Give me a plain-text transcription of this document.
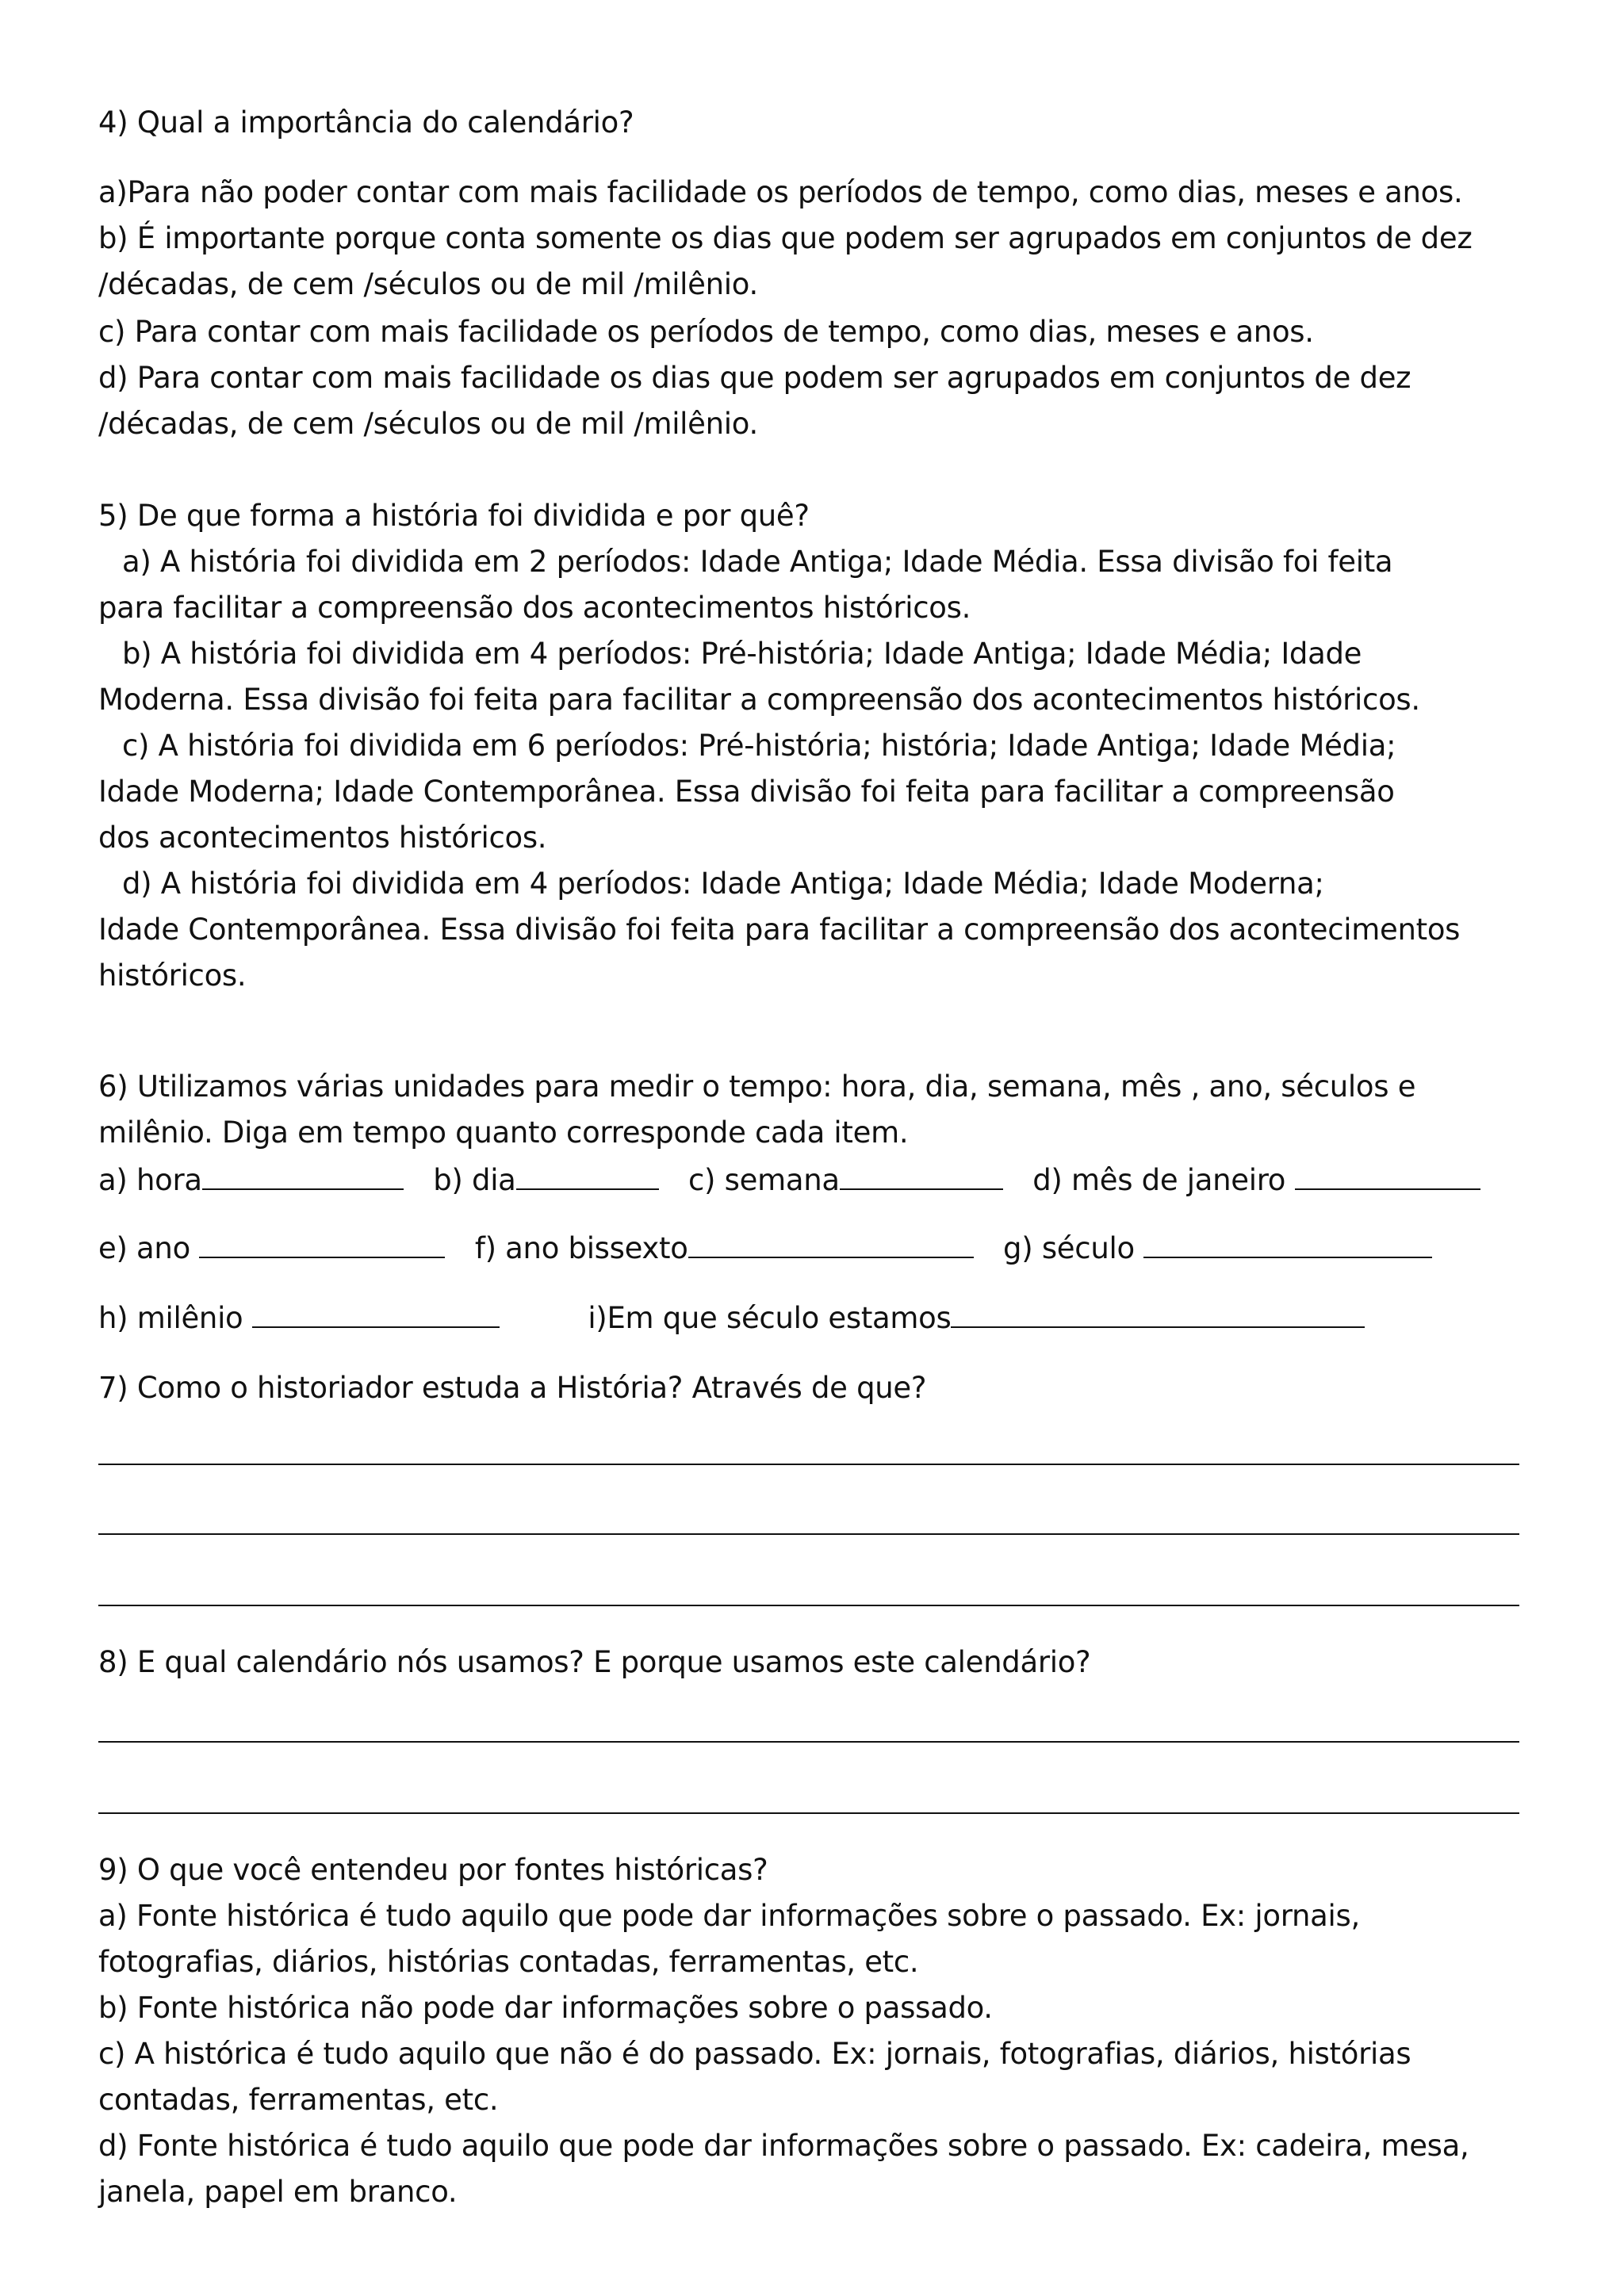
4) Qual a importância do calendário?
a)Para não poder contar com mais facilidade os períodos de tempo, como dias, meses e anos.
b) É importante porque conta somente os dias que podem ser agrupados em conjuntos de dez
/décadas, de cem /séculos ou de mil /milênio.
c) Para contar com mais facilidade os períodos de tempo, como dias, meses e anos.
d) Para contar com mais facilidade os dias que podem ser agrupados em conjuntos de dez
/décadas, de cem /séculos ou de mil /milênio.
5) De que forma a história foi dividida e por quê?
a) A história foi dividida em 2 períodos: Idade Antiga; Idade Média. Essa divisão foi feita
para facilitar a compreensão dos acontecimentos históricos.
b) A história foi dividida em 4 períodos: Pré-história; Idade Antiga; Idade Média; Idade
Moderna. Essa divisão foi feita para facilitar a compreensão dos acontecimentos históricos.
c) A história foi dividida em 6 períodos: Pré-história; história; Idade Antiga; Idade Média;
Idade Moderna; Idade Contemporânea. Essa divisão foi feita para facilitar a compreensão
dos acontecimentos históricos.
d) A história foi dividida em 4 períodos: Idade Antiga; Idade Média; Idade Moderna;
Idade Contemporânea. Essa divisão foi feita para facilitar a compreensão dos acontecimentos
históricos.
6) Utilizamos várias unidades para medir o tempo: hora, dia, semana, mês , ano, séculos e
milênio. Diga em tempo quanto corresponde cada item.
a) hora	b) dia	c) semana	d) mês de janeiro
e) ano	f) ano bissexto	g) século
h) milênio	i)Em que século estamos
7) Como o historiador estuda a História? Através de que?
8) E qual calendário nós usamos? E porque usamos este calendário?
9) O que você entendeu por fontes históricas?
a) Fonte histórica é tudo aquilo que pode dar informações sobre o passado. Ex: jornais,
fotografias, diários, histórias contadas, ferramentas, etc.
b) Fonte histórica não pode dar informações sobre o passado.
c) A histórica é tudo aquilo que não é do passado. Ex: jornais, fotografias, diários, histórias
contadas, ferramentas, etc.
d) Fonte histórica é tudo aquilo que pode dar informações sobre o passado. Ex: cadeira, mesa,
janela, papel em branco.
